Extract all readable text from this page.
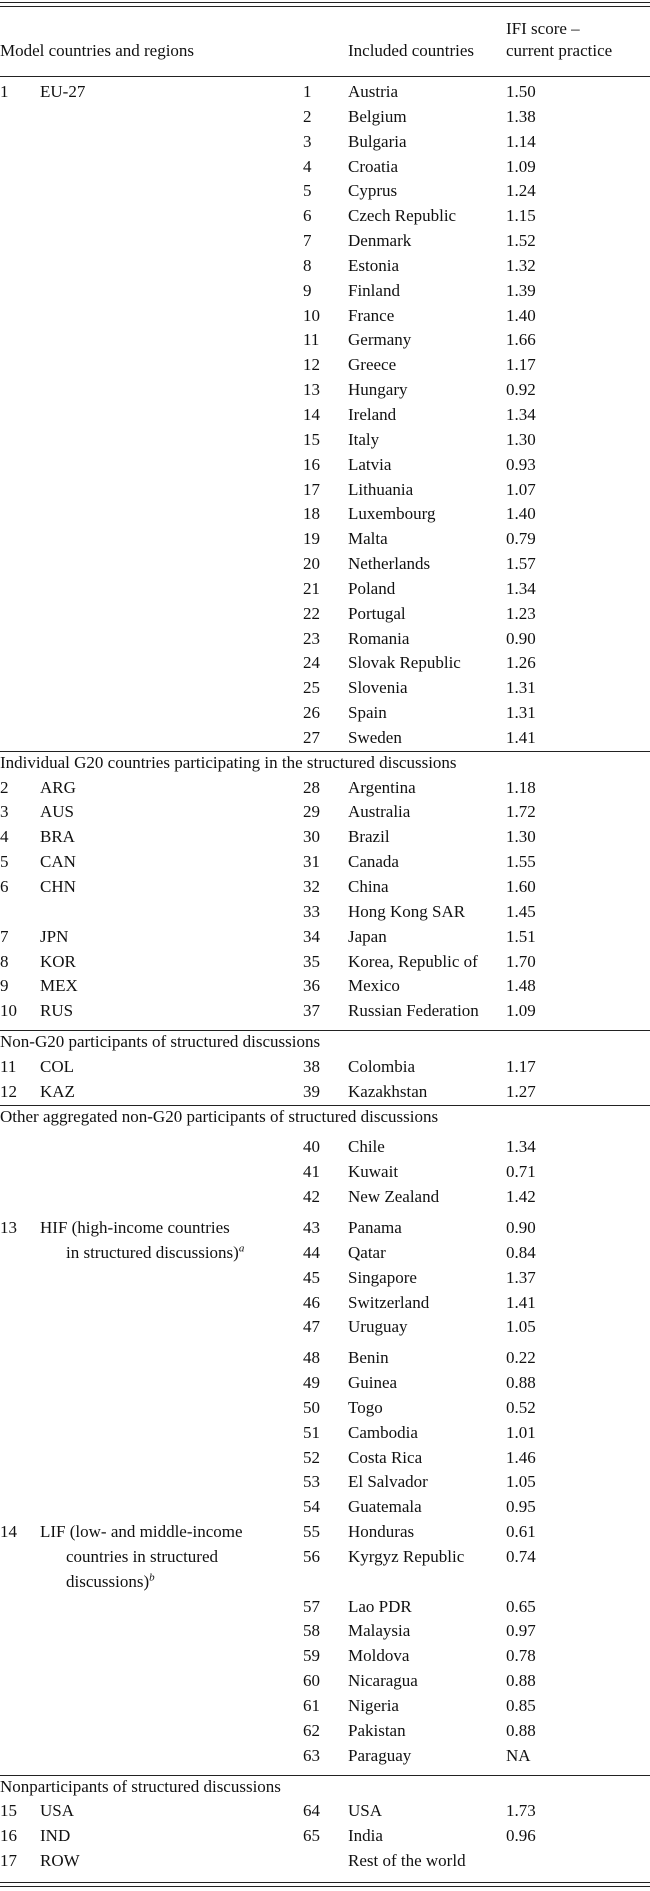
Model countries and regions	Included countries
IFI score –
current practice
1 EU-27	1 Austria	1.50
2 Belgium	1.38
3 Bulgaria	1.14
4 Croatia	1.09
5 Cyprus	1.24
6 Czech Republic	1.15
7 Denmark	1.52
8 Estonia	1.32
9 Finland	1.39
10 France	1.40
11 Germany	1.66
12 Greece	1.17
13 Hungary	0.92
14 Ireland	1.34
15 Italy	1.30
16 Latvia	0.93
17 Lithuania	1.07
18 Luxembourg	1.40
19 Malta	0.79
20 Netherlands	1.57
21 Poland	1.34
22 Portugal	1.23
23 Romania	0.90
24 Slovak Republic	1.26
25 Slovenia	1.31
26 Spain	1.31
27 Sweden	1.41
Individual G20 countries participating in the structured discussions
2 ARG	28 Argentina	1.18
3 AUS	29 Australia	1.72
4 BRA	30 Brazil	1.30
5 CAN	31 Canada	1.55
6 CHN	32 China	1.60
33 Hong Kong SAR 1.45
7 JPN	34 Japan	1.51
8 KOR	35 Korea, Republic of 1.70
9 MEX	36 Mexico	1.48
10 RUS	37 Russian Federation 1.09
Non-G20 participants of structured discussions
11 COL	38 Colombia	1.17
12 KAZ	39 Kazakhstan	1.27
Other aggregated non-G20 participants of structured discussions
40 Chile	1.34
41 Kuwait	0.71
42 New Zealand	1.42
13 HIF (high-income countries
in structured discussions)$^a$
43 Panama	0.90
44 Qatar	0.84
45 Singapore	1.37
46 Switzerland	1.41
47 Uruguay	1.05
48 Benin	0.22
49 Guinea	0.88
50 Togo	0.52
51 Cambodia	1.01
52 Costa Rica	1.46
53 El Salvador	1.05
54 Guatemala	0.95
14 LIF (low- and middle-income
countries in structured
discussions)$^b$
55 Honduras	0.61
56 Kyrgyz Republic 0.74
57 Lao PDR	0.65
58 Malaysia	0.97
59 Moldova	0.78
60 Nicaragua	0.88
61 Nigeria	0.85
62 Pakistan	0.88
63 Paraguay	NA
Nonparticipants of structured discussions
15 USA	64 USA	1.73
16 IND	65 India	0.96
17 ROW	Rest of the world
